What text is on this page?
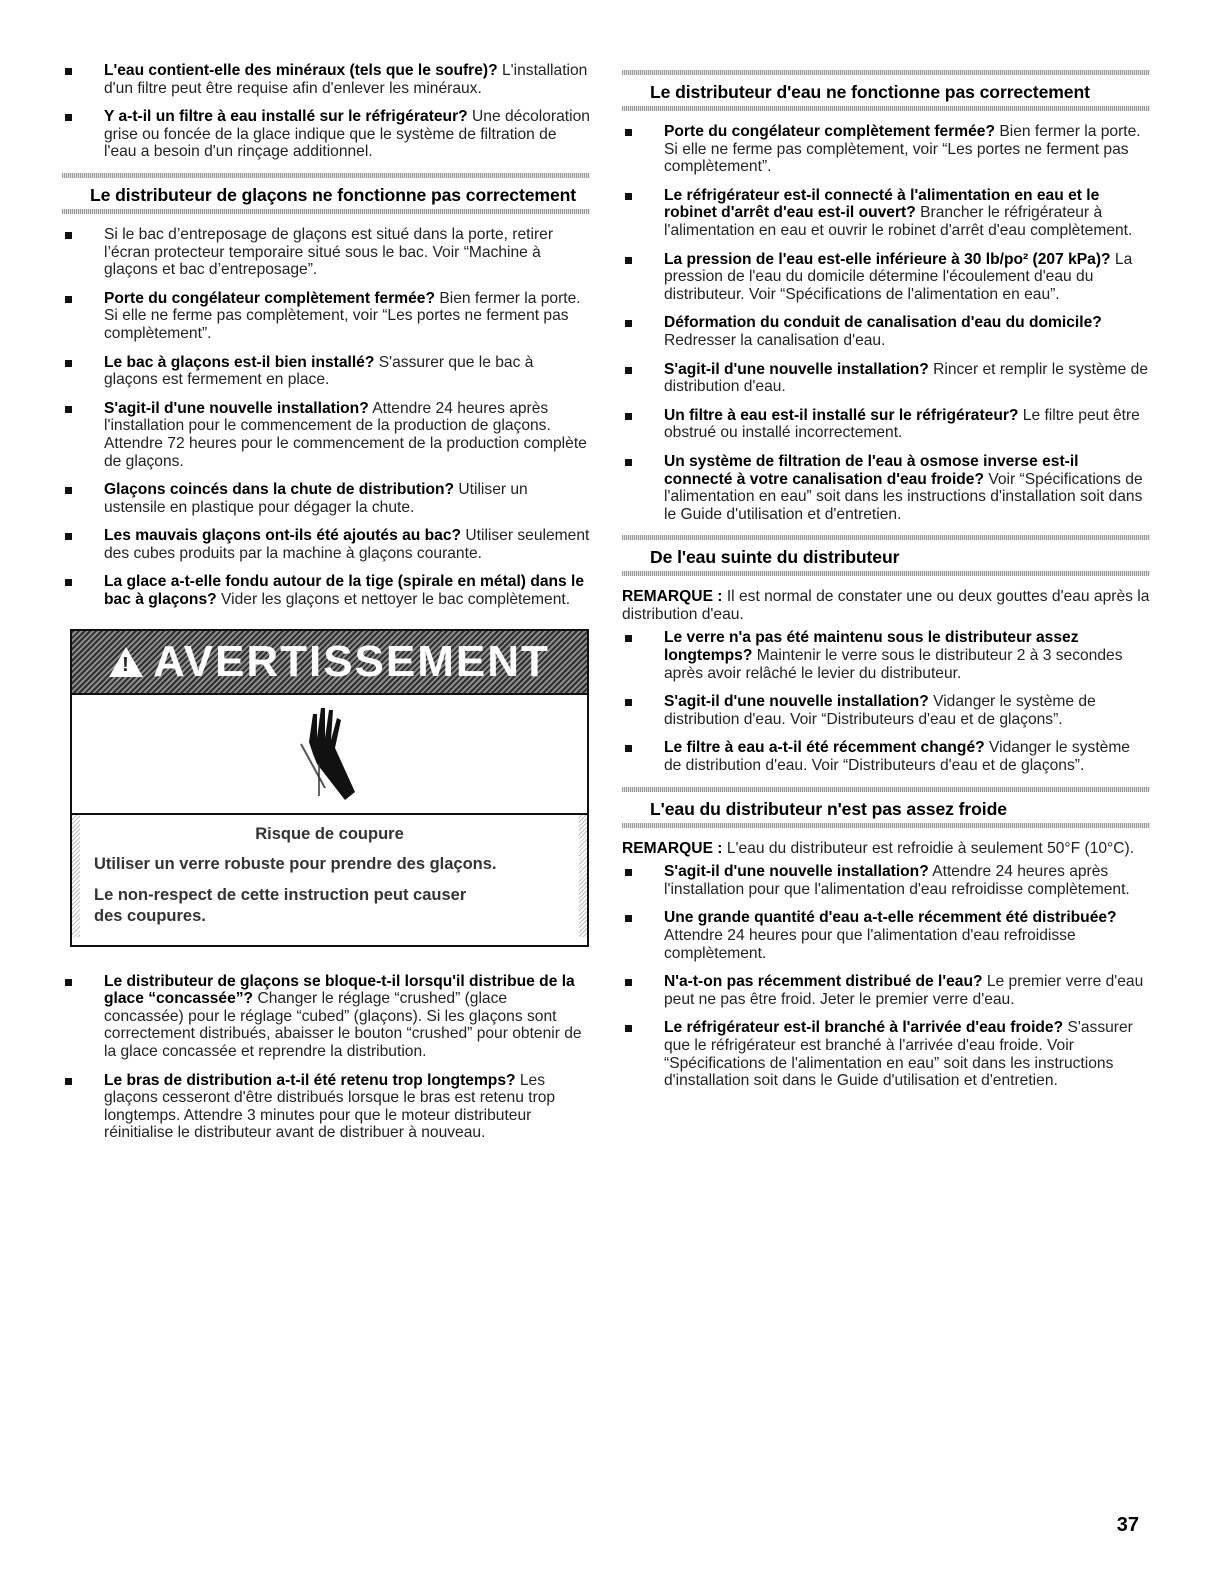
L'eau contient-elle des minéraux (tels que le soufre)? L'installation d'un filtre peut être requise afin d'enlever les minéraux.
Y a-t-il un filtre à eau installé sur le réfrigérateur? Une décoloration grise ou foncée de la glace indique que le système de filtration de l'eau a besoin d'un rinçage additionnel.
Le distributeur de glaçons ne fonctionne pas correctement
Si le bac d’entreposage de glaçons est situé dans la porte, retirer l’écran protecteur temporaire situé sous le bac. Voir “Machine à glaçons et bac d’entreposage”.
Porte du congélateur complètement fermée? Bien fermer la porte. Si elle ne ferme pas complètement, voir “Les portes ne ferment pas complètement”.
Le bac à glaçons est-il bien installé? S'assurer que le bac à glaçons est fermement en place.
S'agit-il d'une nouvelle installation? Attendre 24 heures après l'installation pour le commencement de la production de glaçons. Attendre 72 heures pour le commencement de la production complète de glaçons.
Glaçons coincés dans la chute de distribution? Utiliser un ustensile en plastique pour dégager la chute.
Les mauvais glaçons ont-ils été ajoutés au bac? Utiliser seulement des cubes produits par la machine à glaçons courante.
La glace a-t-elle fondu autour de la tige (spirale en métal) dans le bac à glaçons? Vider les glaçons et nettoyer le bac complètement.
!
AVERTISSEMENT
Risque de coupure
Utiliser un verre robuste pour prendre des glaçons.
Le non-respect de cette instruction peut causer des coupures.
Le distributeur de glaçons se bloque-t-il lorsqu'il distribue de la glace “concassée”? Changer le réglage “crushed” (glace concassée) pour le réglage “cubed” (glaçons). Si les glaçons sont correctement distribués, abaisser le bouton “crushed” pour obtenir de la glace concassée et reprendre la distribution.
Le bras de distribution a-t-il été retenu trop longtemps? Les glaçons cesseront d'être distribués lorsque le bras est retenu trop longtemps. Attendre 3 minutes pour que le moteur distributeur réinitialise le distributeur avant de distribuer à nouveau.
Le distributeur d'eau ne fonctionne pas correctement
Porte du congélateur complètement fermée? Bien fermer la porte. Si elle ne ferme pas complètement, voir “Les portes ne ferment pas complètement”.
Le réfrigérateur est-il connecté à l'alimentation en eau et le robinet d'arrêt d'eau est-il ouvert? Brancher le réfrigérateur à l'alimentation en eau et ouvrir le robinet d'arrêt d'eau complètement.
La pression de l'eau est-elle inférieure à 30 lb/po² (207 kPa)? La pression de l'eau du domicile détermine l'écoulement d'eau du distributeur. Voir “Spécifications de l'alimentation en eau”.
Déformation du conduit de canalisation d'eau du domicile? Redresser la canalisation d'eau.
S'agit-il d'une nouvelle installation? Rincer et remplir le système de distribution d'eau.
Un filtre à eau est-il installé sur le réfrigérateur? Le filtre peut être obstrué ou installé incorrectement.
Un système de filtration de l'eau à osmose inverse est-il connecté à votre canalisation d'eau froide? Voir “Spécifications de l'alimentation en eau” soit dans les instructions d'installation soit dans le Guide d'utilisation et d'entretien.
De l'eau suinte du distributeur

REMARQUE : Il est normal de constater une ou deux gouttes d'eau après la distribution d'eau.

Le verre n'a pas été maintenu sous le distributeur assez longtemps? Maintenir le verre sous le distributeur 2 à 3 secondes après avoir relâché le levier du distributeur.
S'agit-il d'une nouvelle installation? Vidanger le système de distribution d'eau. Voir “Distributeurs d'eau et de glaçons”.
Le filtre à eau a-t-il été récemment changé? Vidanger le système de distribution d'eau. Voir “Distributeurs d'eau et de glaçons”.
L'eau du distributeur n'est pas assez froide

REMARQUE : L'eau du distributeur est refroidie à seulement 50°F (10°C).

S'agit-il d'une nouvelle installation? Attendre 24 heures après l'installation pour que l'alimentation d'eau refroidisse complètement.
Une grande quantité d'eau a-t-elle récemment été distribuée? Attendre 24 heures pour que l'alimentation d'eau refroidisse complètement.
N'a-t-on pas récemment distribué de l'eau? Le premier verre d'eau peut ne pas être froid. Jeter le premier verre d'eau.
Le réfrigérateur est-il branché à l'arrivée d'eau froide? S'assurer que le réfrigérateur est branché à l'arrivée d'eau froide. Voir “Spécifications de l'alimentation en eau” soit dans les instructions d'installation soit dans le Guide d'utilisation et d'entretien.
37
